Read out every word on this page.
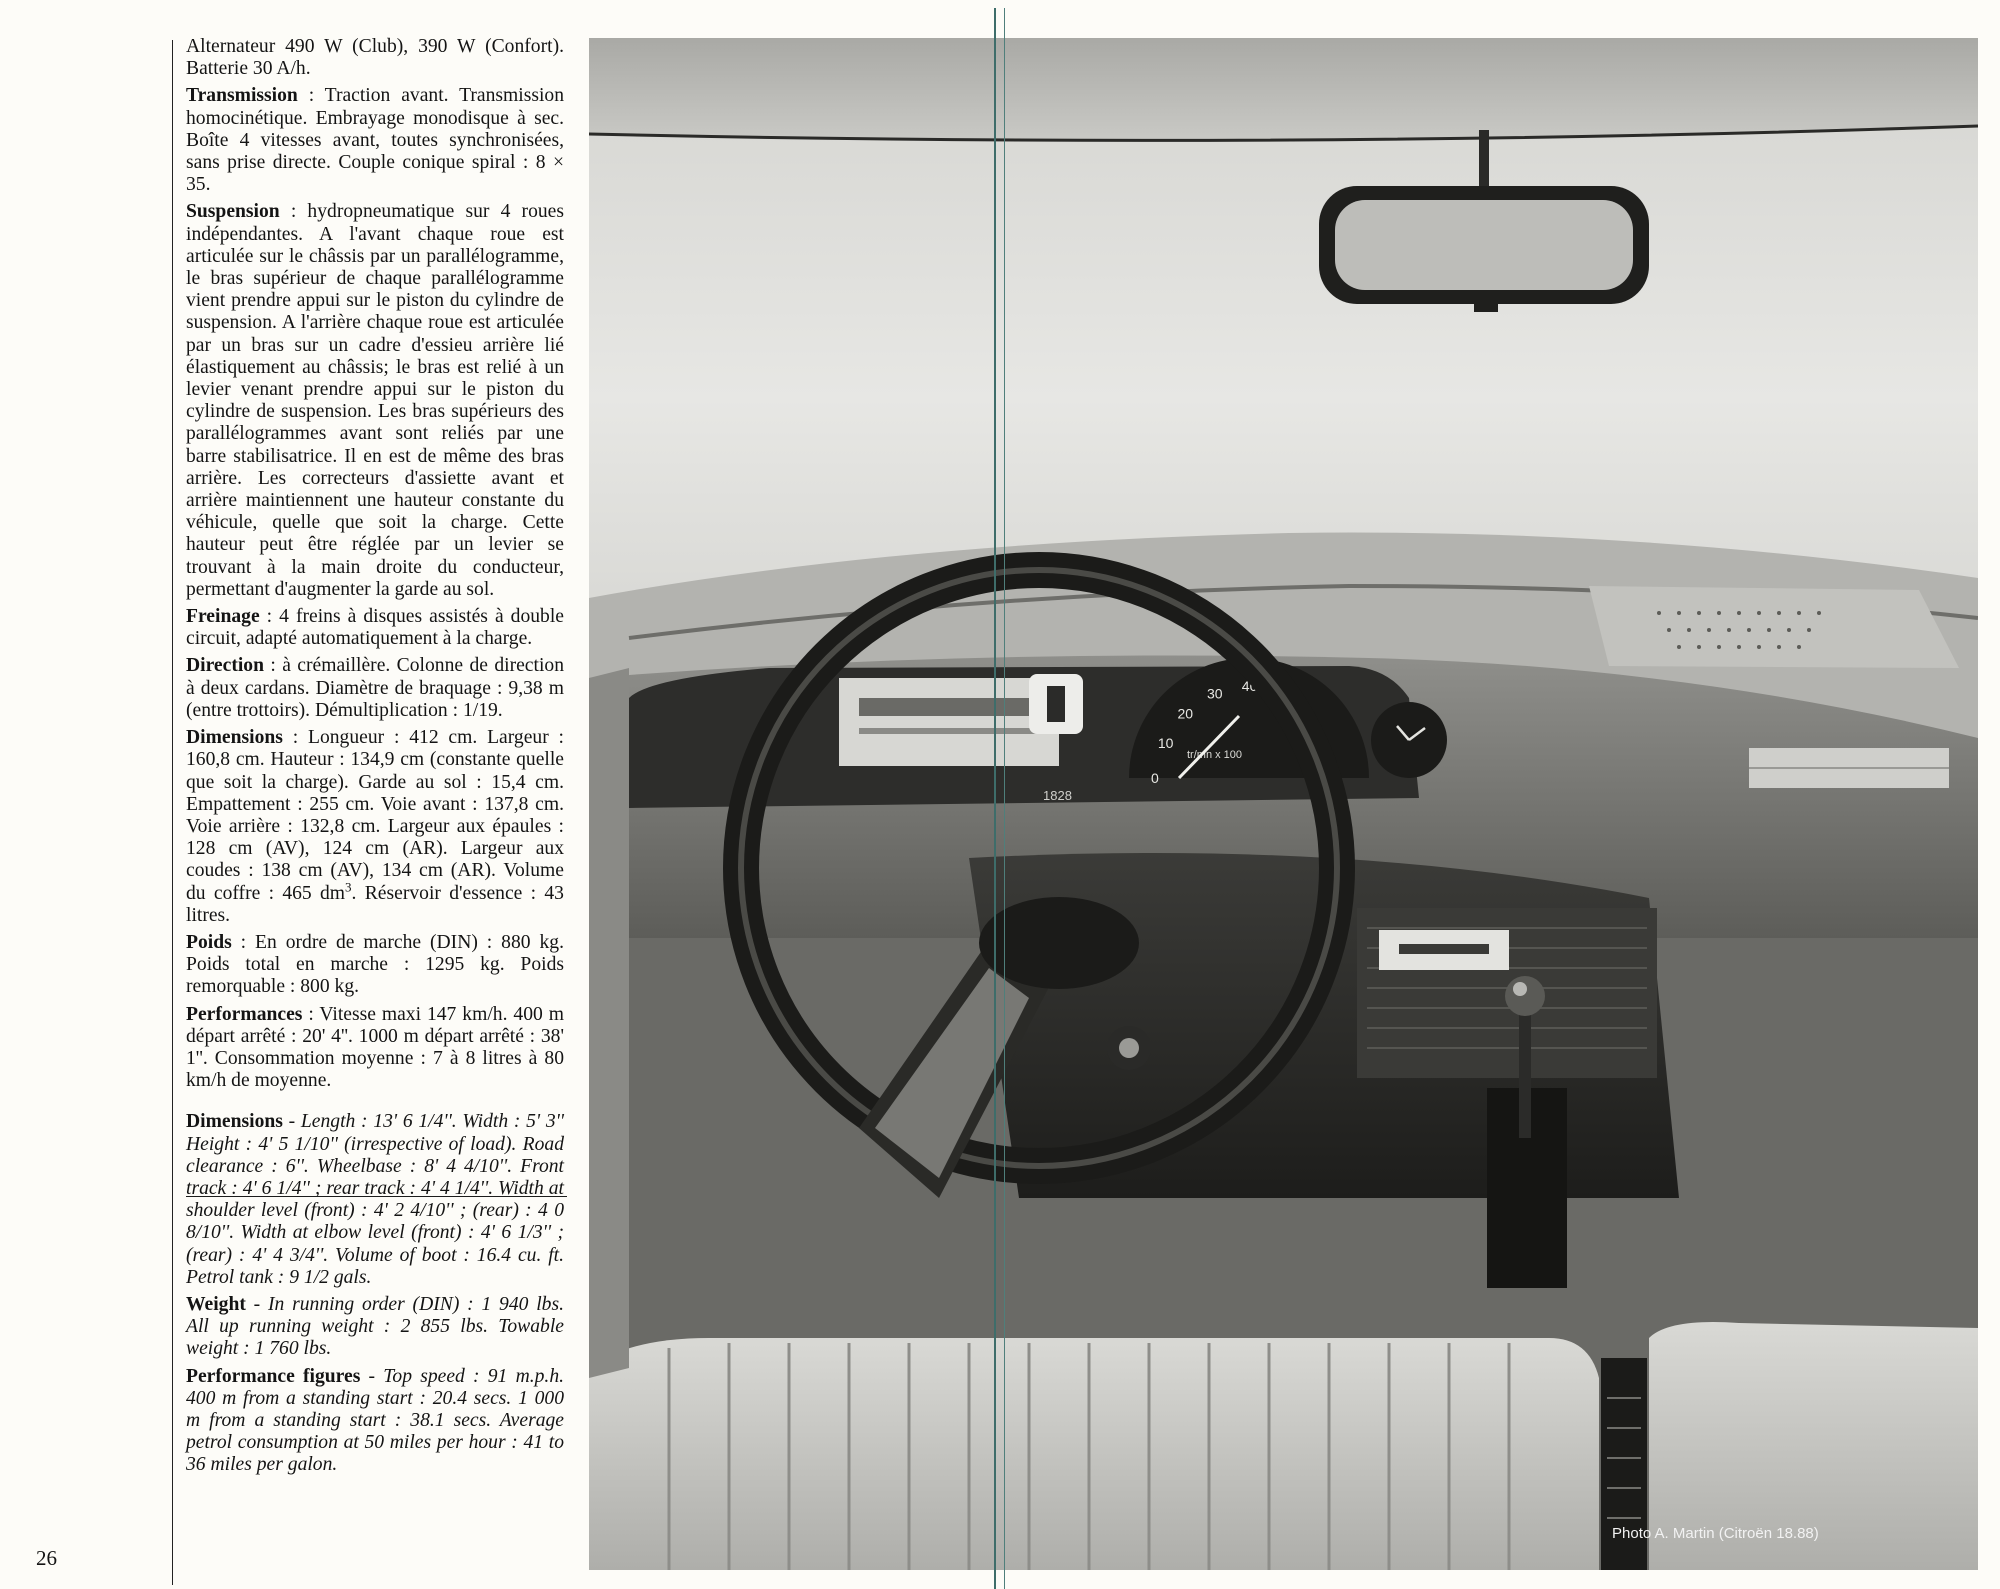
Alternateur 490 W (Club), 390 W (Confort). Batterie 30 A/h.

Transmission : Traction avant. Transmission homocinétique. Embrayage monodisque à sec. Boîte 4 vitesses avant, toutes synchronisées, sans prise directe. Couple conique spiral : 8 × 35.

Suspension : hydropneumatique sur 4 roues indépendantes. A l'avant chaque roue est articulée sur le châssis par un parallélogramme, le bras supérieur de chaque parallélogramme vient prendre appui sur le piston du cylindre de suspension. A l'arrière chaque roue est articulée par un bras sur un cadre d'essieu arrière lié élastiquement au châssis; le bras est relié à un levier venant prendre appui sur le piston du cylindre de suspension. Les bras supérieurs des parallélogrammes avant sont reliés par une barre stabilisatrice. Il en est de même des bras arrière. Les correcteurs d'assiette avant et arrière maintiennent une hauteur constante du véhicule, quelle que soit la charge. Cette hauteur peut être réglée par un levier se trouvant à la main droite du conducteur, permettant d'augmenter la garde au sol.

Freinage : 4 freins à disques assistés à double circuit, adapté automatiquement à la charge.

Direction : à crémaillère. Colonne de direction à deux cardans. Diamètre de braquage : 9,38 m (entre trottoirs). Démultiplication : 1/19.

Dimensions : Longueur : 412 cm. Largeur : 160,8 cm. Hauteur : 134,9 cm (constante quelle que soit la charge). Garde au sol : 15,4 cm. Empattement : 255 cm. Voie avant : 137,8 cm. Voie arrière : 132,8 cm. Largeur aux épaules : 128 cm (AV), 124 cm (AR). Largeur aux coudes : 138 cm (AV), 134 cm (AR). Volume du coffre : 465 $dm^3$. Réservoir d'essence : 43 litres.

Poids : En ordre de marche (DIN) : 880 kg. Poids total en marche : 1295 kg. Poids remorquable : 800 kg.

Performances : Vitesse maxi 147 km/h. 400 m départ arrêté : 20' 4''. 1000 m départ arrêté : 38' 1''. Consommation moyenne : 7 à 8 litres à 80 km/h de moyenne.

Dimensions - Length : 13' 6 1/4''. Width : 5' 3'' Height : 4' 5 1/10'' (irrespective of load). Road clearance : 6''. Wheelbase : 8' 4 4/10''. Front track : 4' 6 1/4'' ; rear track : 4' 4 1/4''. Width at shoulder level (front) : 4' 2 4/10'' ; (rear) : 4 0 8/10''. Width at elbow level (front) : 4' 6 1/3'' ; (rear) : 4' 4 3/4''. Volume of boot : 16.4 cu. ft. Petrol tank : 9 1/2 gals.

Weight - In running order (DIN) : 1 940 lbs. All up running weight : 2 855 lbs. Towable weight : 1 760 lbs.

Performance figures - Top speed : 91 m.p.h. 400 m from a standing start : 20.4 secs. 1 000 m from a standing start : 38.1 secs. Average petrol consumption at 50 miles per hour : 41 to 36 miles per galon.

26
1828
0
10
20
30 40 50
tr/mn x 100
Photo A. Martin (Citroën 18.88)
